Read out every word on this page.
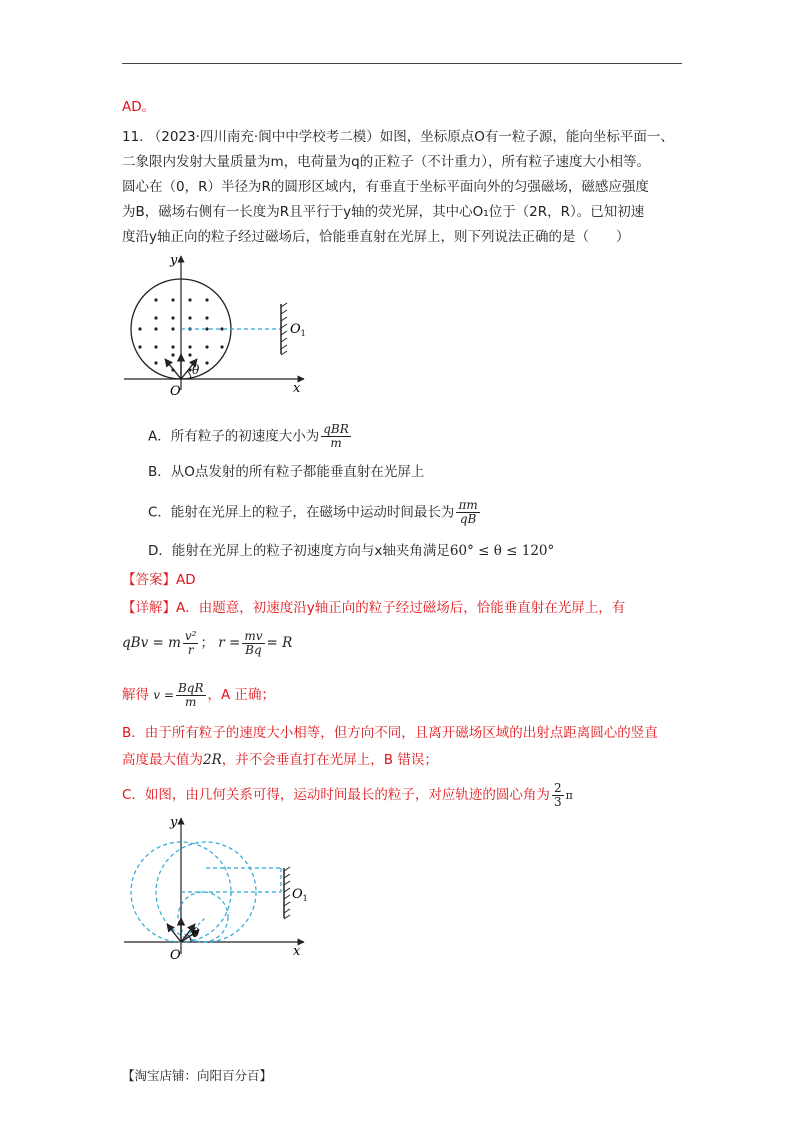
AD。
11. （2023·四川南充·阆中中学校考二模）如图，坐标原点O有一粒子源，能向坐标平面一、
二象限内发射大量质量为m，电荷量为q的正粒子（不计重力），所有粒子速度大小相等。
圆心在（0，R）半径为R的圆形区域内，有垂直于坐标平面向外的匀强磁场，磁感应强度
为B，磁场右侧有一长度为R且平行于y轴的荧光屏，其中心O₁位于（2R，R）。已知初速
度沿y轴正向的粒子经过磁场后，恰能垂直射在光屏上，则下列说法正确的是（　　）
y
x
O
$O_1$
θ
A．所有粒子的初速度大小为 $\frac{\text{qBR}}{m}$
B．从O点发射的所有粒子都能垂直射在光屏上
C．能射在光屏上的粒子，在磁场中运动时间最长为 $\frac{\pi m}{qB}$
D．能射在光屏上的粒子初速度方向与x轴夹角满足60° ≤ θ ≤ 120°
【答案】AD
【详解】A．由题意，初速度沿y轴正向的粒子经过磁场后，恰能垂直射在光屏上，有
qBv = m $\frac{\text{v²}}{r}$ ； $r = \frac{mv}{Bq} = R$
解得 $v = \frac{\text{BqR}}{m}$ ，A 正确；
B．由于所有粒子的速度大小相等，但方向不同，且离开磁场区域的出射点距离圆心的竖直
高度最大值为2R，并不会垂直打在光屏上，B 错误；
C．如图，由几何关系可得，运动时间最长的粒子，对应轨迹的圆心角为 $\frac{2}{3}$ π
y
x
O
$O_1$
θ
【淘宝店铺：向阳百分百】
